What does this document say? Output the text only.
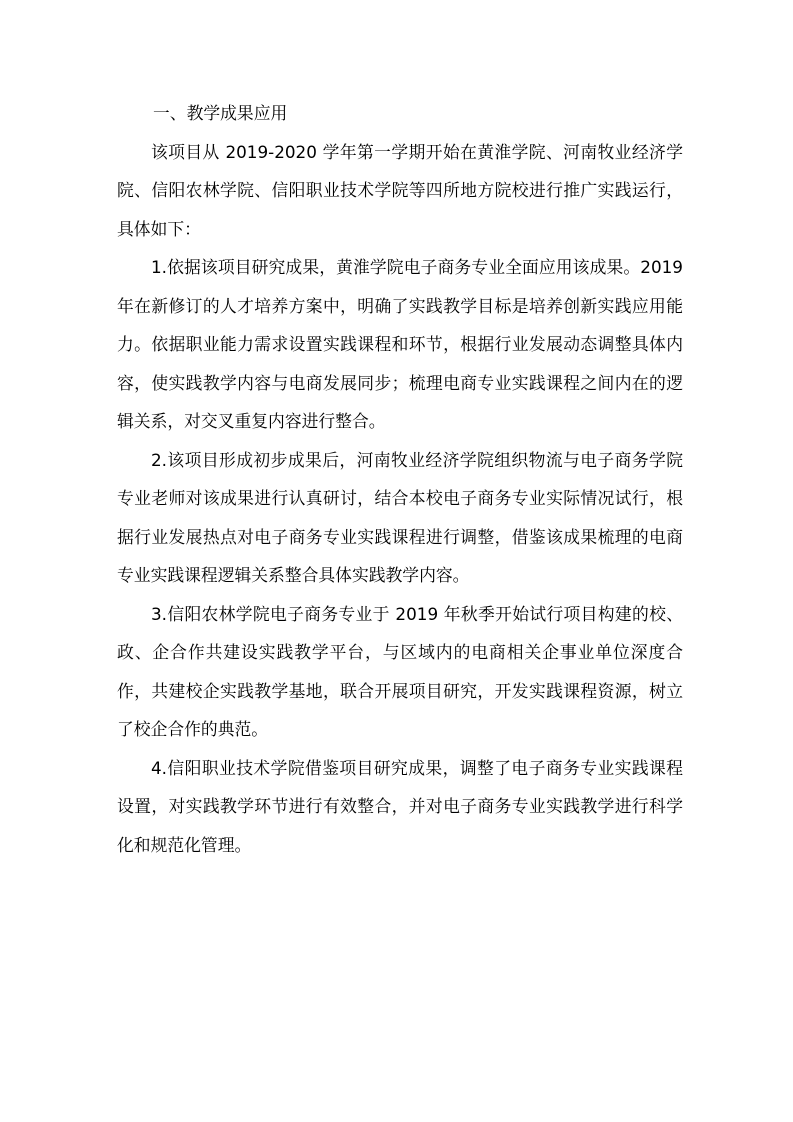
一、教学成果应用

该项目从 2019-2020 学年第一学期开始在黄淮学院、河南牧业经济学院、信阳农林学院、信阳职业技术学院等四所地方院校进行推广实践运行，具体如下：

1.依据该项目研究成果，黄淮学院电子商务专业全面应用该成果。2019 年在新修订的人才培养方案中，明确了实践教学目标是培养创新实践应用能力。依据职业能力需求设置实践课程和环节，根据行业发展动态调整具体内容，使实践教学内容与电商发展同步；梳理电商专业实践课程之间内在的逻辑关系，对交叉重复内容进行整合。

2.该项目形成初步成果后，河南牧业经济学院组织物流与电子商务学院专业老师对该成果进行认真研讨，结合本校电子商务专业实际情况试行，根据行业发展热点对电子商务专业实践课程进行调整，借鉴该成果梳理的电商专业实践课程逻辑关系整合具体实践教学内容。

3.信阳农林学院电子商务专业于 2019 年秋季开始试行项目构建的校、政、企合作共建设实践教学平台，与区域内的电商相关企事业单位深度合作，共建校企实践教学基地，联合开展项目研究，开发实践课程资源，树立了校企合作的典范。

4.信阳职业技术学院借鉴项目研究成果，调整了电子商务专业实践课程设置，对实践教学环节进行有效整合，并对电子商务专业实践教学进行科学化和规范化管理。
